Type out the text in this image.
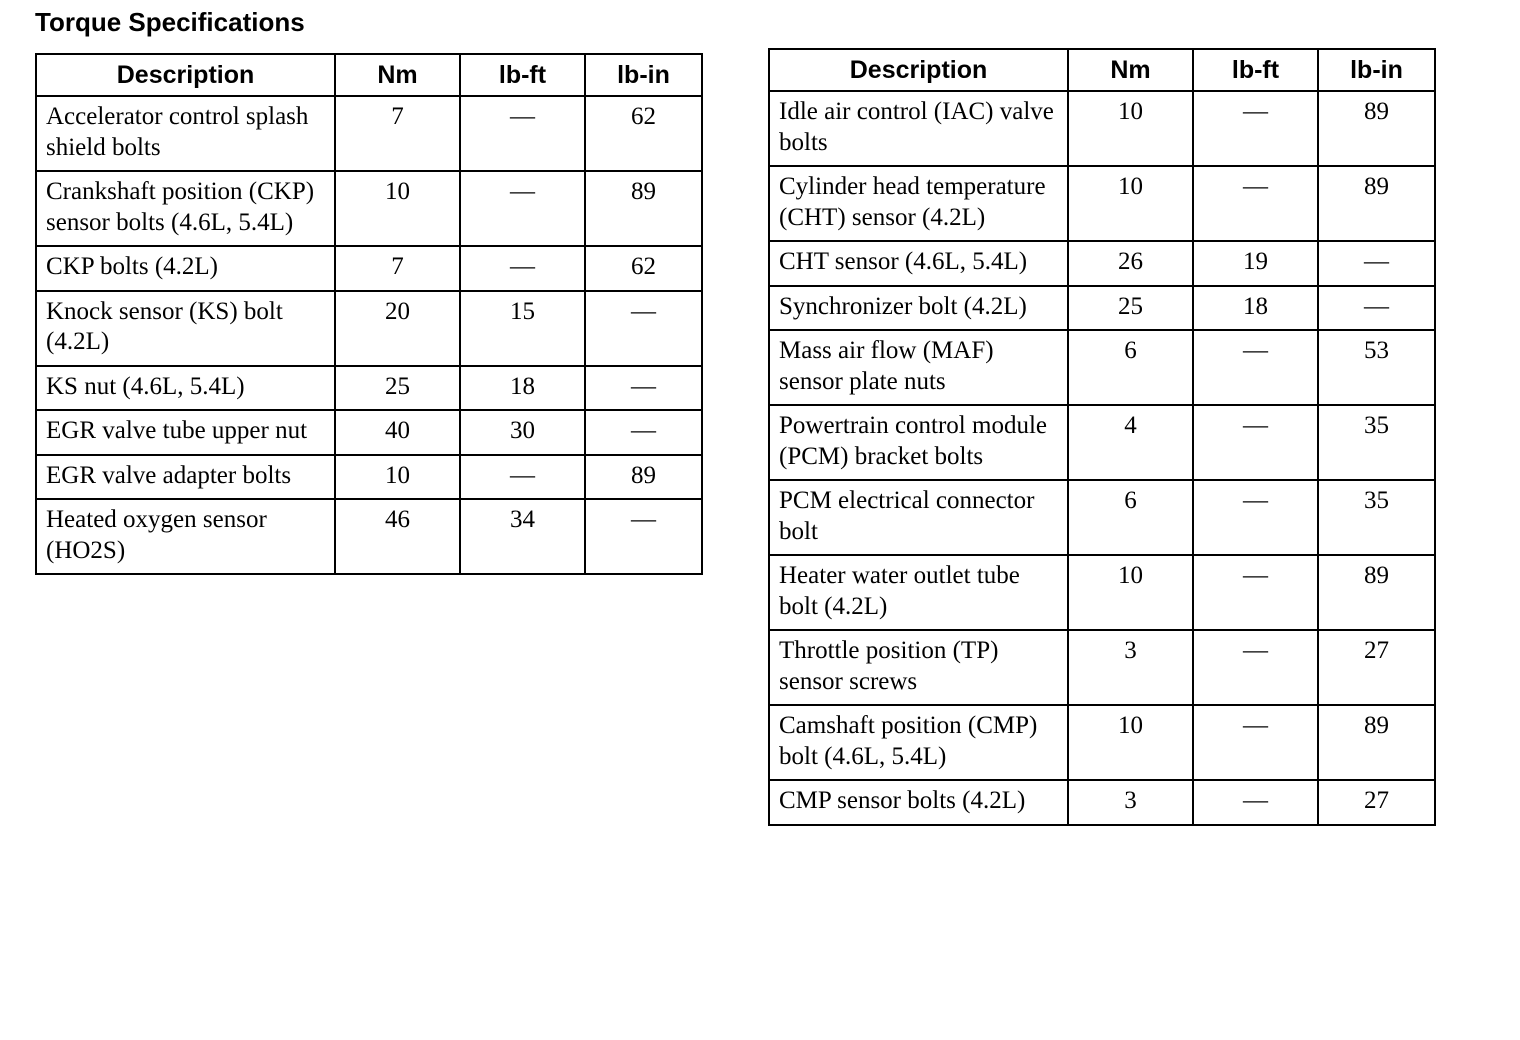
Torque Specifications
Description	Nm	lb-ft	lb-in
Accelerator control splash shield bolts	7	—	62
Crankshaft position (CKP) sensor bolts (4.6L, 5.4L)	10	—	89
CKP bolts (4.2L)	7	—	62
Knock sensor (KS) bolt (4.2L)	20	15	—
KS nut (4.6L, 5.4L)	25	18	—
EGR valve tube upper nut	40	30	—
EGR valve adapter bolts	10	—	89
Heated oxygen sensor (HO2S)	46	34	—
Description	Nm	lb-ft	lb-in
Idle air control (IAC) valve bolts	10	—	89
Cylinder head temperature (CHT) sensor (4.2L)	10	—	89
CHT sensor (4.6L, 5.4L)	26	19	—
Synchronizer bolt (4.2L)	25	18	—
Mass air flow (MAF) sensor plate nuts	6	—	53
Powertrain control module (PCM) bracket bolts	4	—	35
PCM electrical connector bolt	6	—	35
Heater water outlet tube bolt (4.2L)	10	—	89
Throttle position (TP) sensor screws	3	—	27
Camshaft position (CMP) bolt (4.6L, 5.4L)	10	—	89
CMP sensor bolts (4.2L)	3	—	27
